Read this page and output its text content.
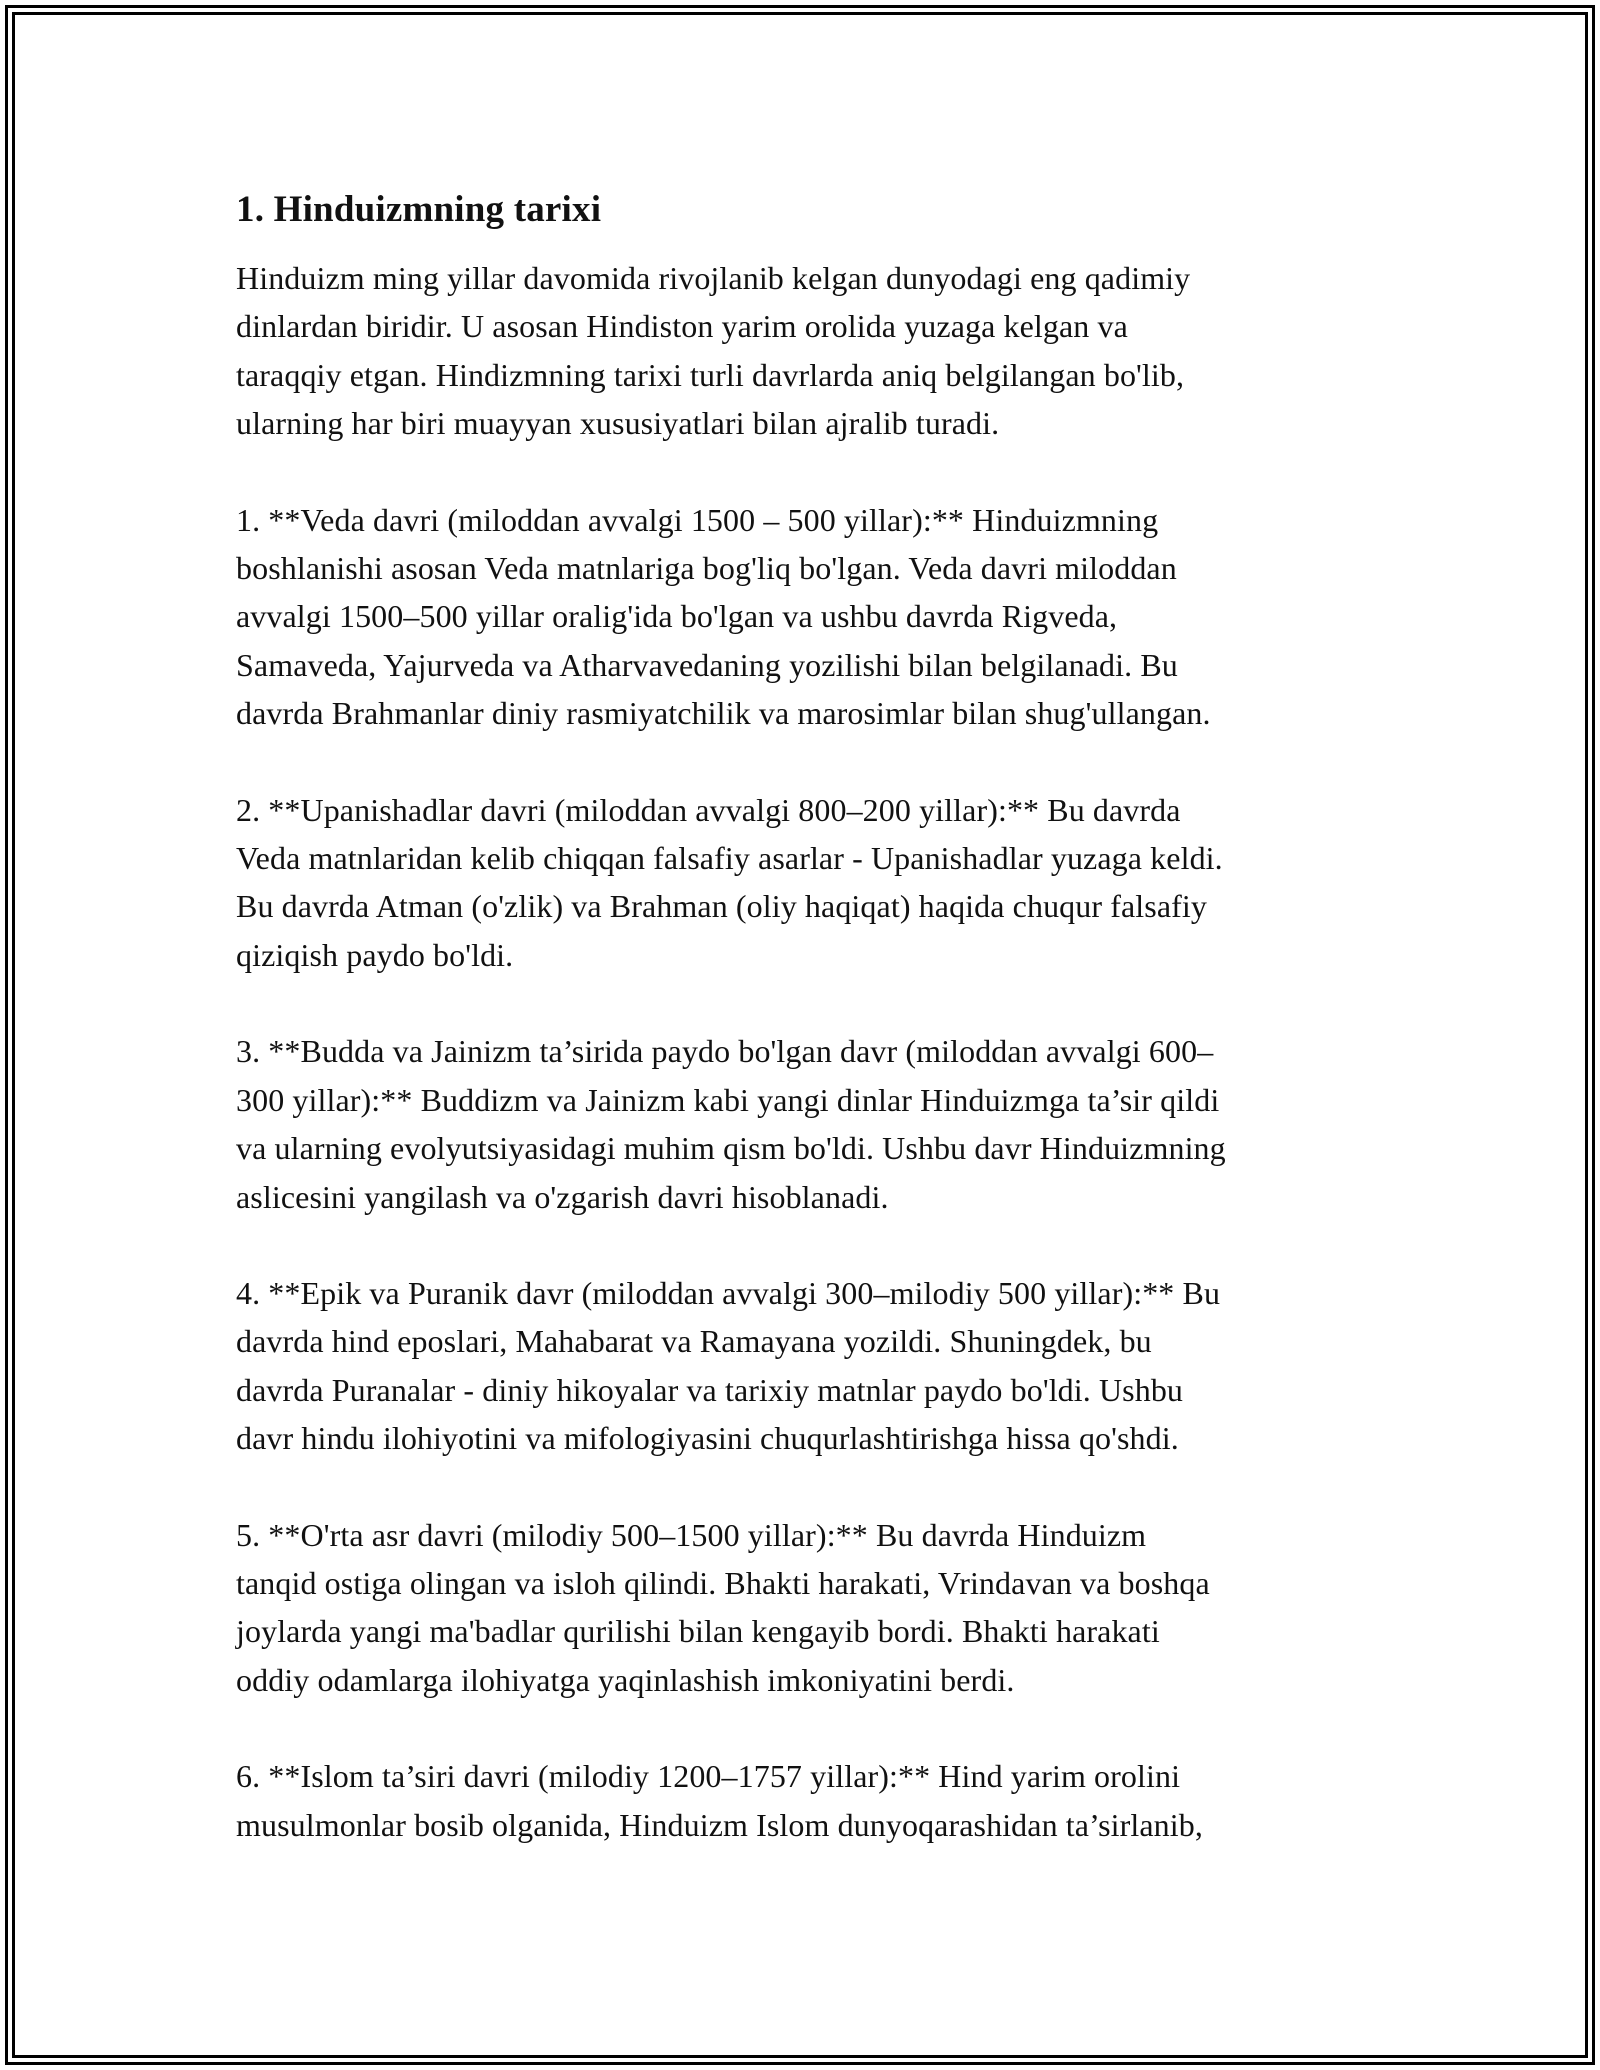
1. Hinduizmning tarixi

Hinduizm ming yillar davomida rivojlanib kelgan dunyodagi eng qadimiy
dinlardan biridir. U asosan Hindiston yarim orolida yuzaga kelgan va
taraqqiy etgan. Hindizmning tarixi turli davrlarda aniq belgilangan bo'lib,
ularning har biri muayyan xususiyatlari bilan ajralib turadi.

1. **Veda davri (miloddan avvalgi 1500 – 500 yillar):** Hinduizmning
boshlanishi asosan Veda matnlariga bog'liq bo'lgan. Veda davri miloddan
avvalgi 1500–500 yillar oralig'ida bo'lgan va ushbu davrda Rigveda,
Samaveda, Yajurveda va Atharvavedaning yozilishi bilan belgilanadi. Bu
davrda Brahmanlar diniy rasmiyatchilik va marosimlar bilan shug'ullangan.

2. **Upanishadlar davri (miloddan avvalgi 800–200 yillar):** Bu davrda
Veda matnlaridan kelib chiqqan falsafiy asarlar - Upanishadlar yuzaga keldi.
Bu davrda Atman (o'zlik) va Brahman (oliy haqiqat) haqida chuqur falsafiy
qiziqish paydo bo'ldi.

3. **Budda va Jainizm ta’sirida paydo bo'lgan davr (miloddan avvalgi 600–
300 yillar):** Buddizm va Jainizm kabi yangi dinlar Hinduizmga ta’sir qildi
va ularning evolyutsiyasidagi muhim qism bo'ldi. Ushbu davr Hinduizmning
aslicesini yangilash va o'zgarish davri hisoblanadi.

4. **Epik va Puranik davr (miloddan avvalgi 300–milodiy 500 yillar):** Bu
davrda hind eposlari, Mahabarat va Ramayana yozildi. Shuningdek, bu
davrda Puranalar - diniy hikoyalar va tarixiy matnlar paydo bo'ldi. Ushbu
davr hindu ilohiyotini va mifologiyasini chuqurlashtirishga hissa qo'shdi.

5. **O'rta asr davri (milodiy 500–1500 yillar):** Bu davrda Hinduizm
tanqid ostiga olingan va isloh qilindi. Bhakti harakati, Vrindavan va boshqa
joylarda yangi ma'badlar qurilishi bilan kengayib bordi. Bhakti harakati
oddiy odamlarga ilohiyatga yaqinlashish imkoniyatini berdi.

6. **Islom ta’siri davri (milodiy 1200–1757 yillar):** Hind yarim orolini
musulmonlar bosib olganida, Hinduizm Islom dunyoqarashidan ta’sirlanib,
